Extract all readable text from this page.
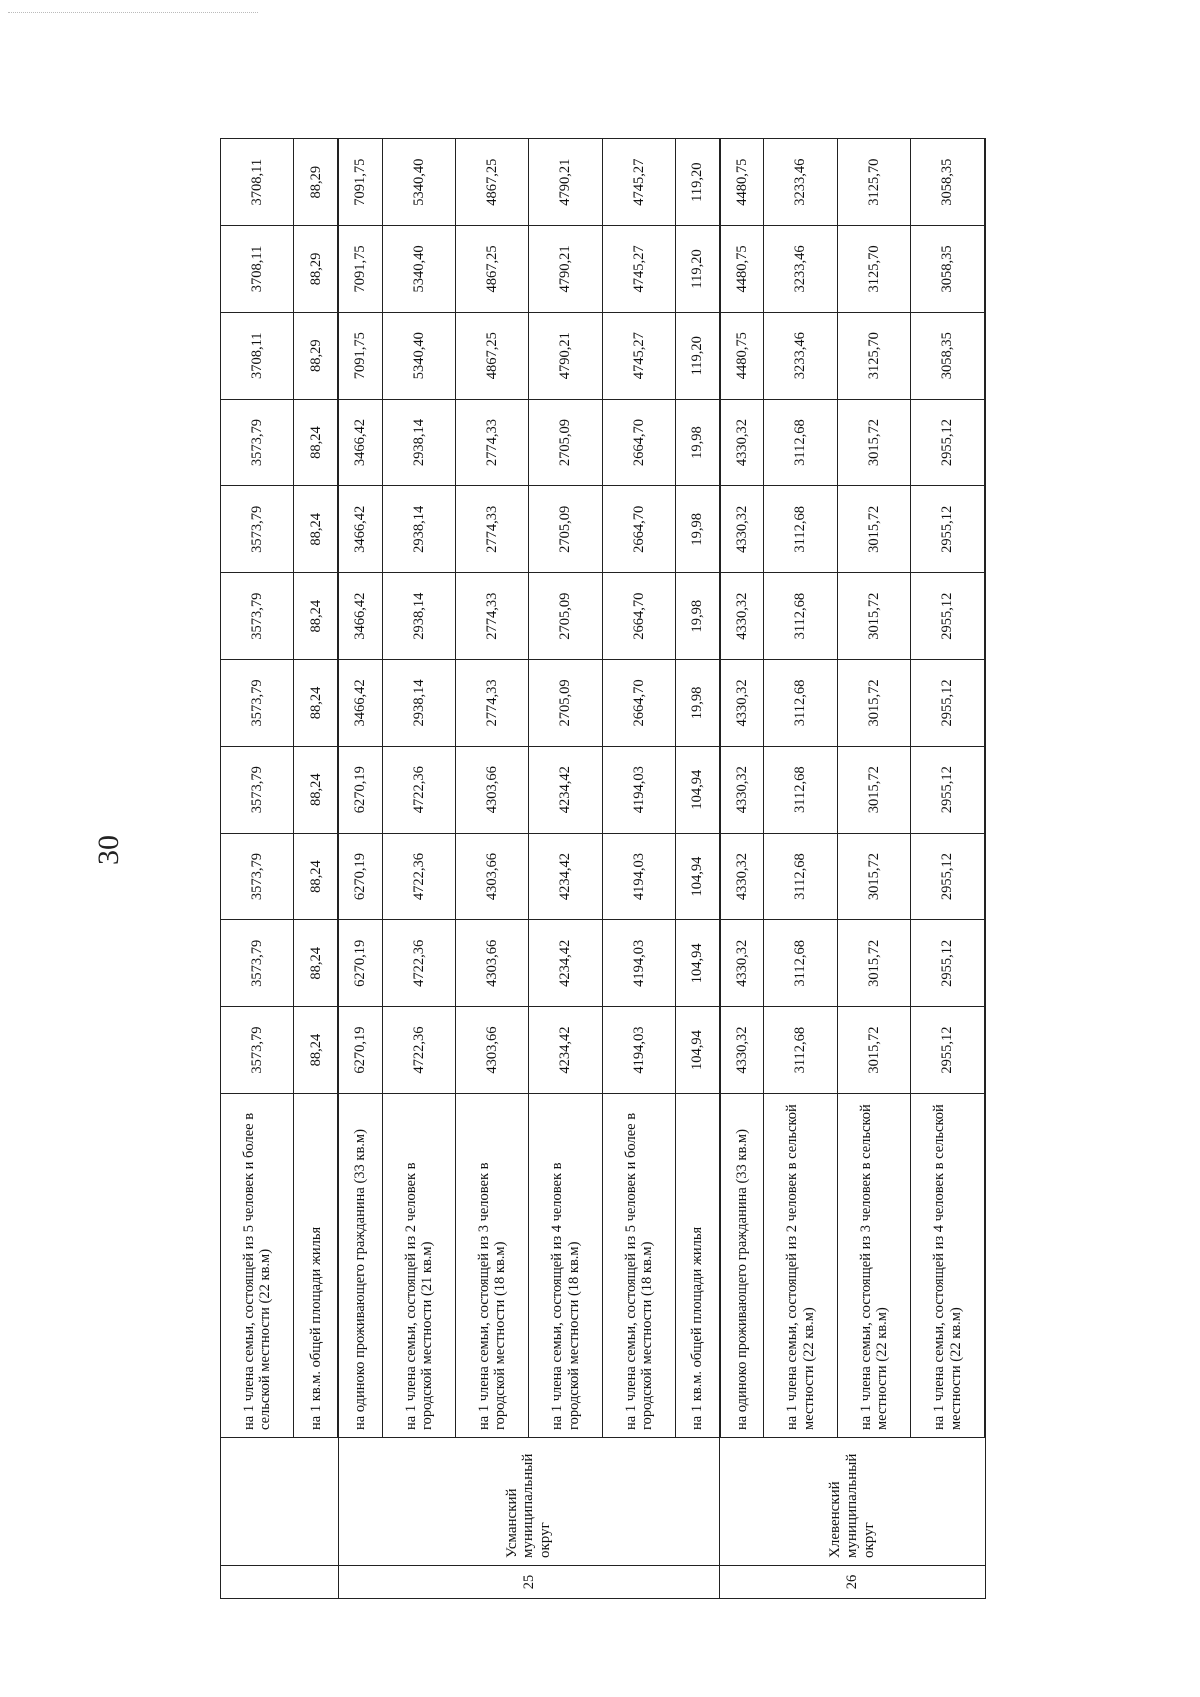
30
		на 1 члена семьи, состоящей из 5 человек и более в сельской местности (22 кв.м)	3573,79	3573,79	3573,79	3573,79	3573,79	3573,79	3573,79	3573,79	3708,11	3708,11	3708,11
		на 1 кв.м. общей площади жилья	88,24	88,24	88,24	88,24	88,24	88,24	88,24	88,24	88,29	88,29	88,29
25	Усманский муниципальный округ	на одиноко проживающего гражданина (33 кв.м)	6270,19	6270,19	6270,19	6270,19	3466,42	3466,42	3466,42	3466,42	7091,75	7091,75	7091,75
		на 1 члена семьи, состоящей из 2 человек в городской местности (21 кв.м)	4722,36	4722,36	4722,36	4722,36	2938,14	2938,14	2938,14	2938,14	5340,40	5340,40	5340,40
		на 1 члена семьи, состоящей из 3 человек в городской местности (18 кв.м)	4303,66	4303,66	4303,66	4303,66	2774,33	2774,33	2774,33	2774,33	4867,25	4867,25	4867,25
		на 1 члена семьи, состоящей из 4 человек в городской местности (18 кв.м)	4234,42	4234,42	4234,42	4234,42	2705,09	2705,09	2705,09	2705,09	4790,21	4790,21	4790,21
		на 1 члена семьи, состоящей из 5 человек и более в городской местности (18 кв.м)	4194,03	4194,03	4194,03	4194,03	2664,70	2664,70	2664,70	2664,70	4745,27	4745,27	4745,27
		на 1 кв.м. общей площади жилья	104,94	104,94	104,94	104,94	19,98	19,98	19,98	19,98	119,20	119,20	119,20
26	Хлевенский муниципальный округ	на одиноко проживающего гражданина (33 кв.м)	4330,32	4330,32	4330,32	4330,32	4330,32	4330,32	4330,32	4330,32	4480,75	4480,75	4480,75
		на 1 члена семьи, состоящей из 2 человек в сельской местности (22 кв.м)	3112,68	3112,68	3112,68	3112,68	3112,68	3112,68	3112,68	3112,68	3233,46	3233,46	3233,46
		на 1 члена семьи, состоящей из 3 человек в сельской местности (22 кв.м)	3015,72	3015,72	3015,72	3015,72	3015,72	3015,72	3015,72	3015,72	3125,70	3125,70	3125,70
		на 1 члена семьи, состоящей из 4 человек в сельской местности (22 кв.м)	2955,12	2955,12	2955,12	2955,12	2955,12	2955,12	2955,12	2955,12	3058,35	3058,35	3058,35
